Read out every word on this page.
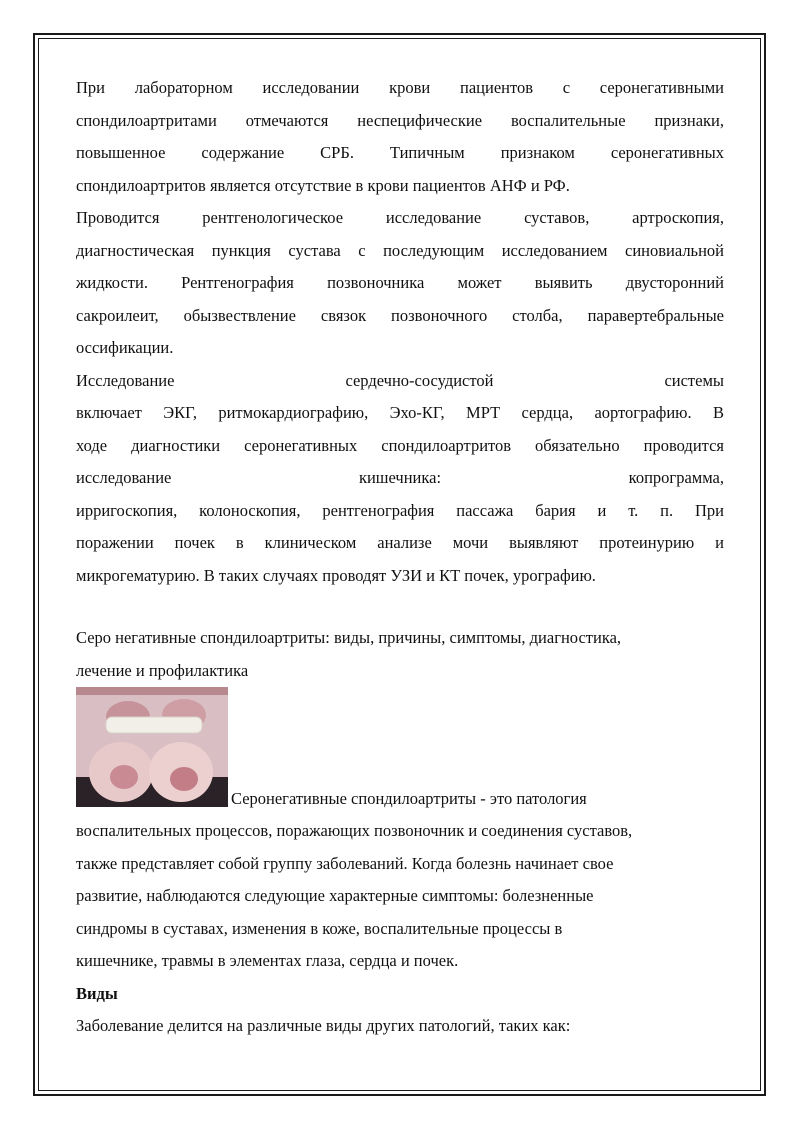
При лабораторном исследовании крови пациентов с серонегативными

спондилоартритами отмечаются неспецифические воспалительные признаки,

повышенное содержание СРБ. Типичным признаком серонегативных

спондилоартритов является отсутствие в крови пациентов АНФ и РФ.

Проводится рентгенологическое исследование суставов, артроскопия,

диагностическая пункция сустава с последующим исследованием синовиальной

жидкости. Рентгенография позвоночника может выявить двусторонний

сакроилеит, обызвествление связок позвоночного столба, паравертебральные

оссификации.

Исследование сердечно-сосудистой системы

включает ЭКГ, ритмокардиографию, Эхо-КГ, МРТ сердца, аортографию. В

ходе диагностики серонегативных спондилоартритов обязательно проводится

исследование кишечника: копрограмма,

ирригоскопия, колоноскопия, рентгенография пассажа бария и т. п. При

поражении почек в клиническом анализе мочи выявляют протеинурию и

микрогематурию. В таких случаях проводят УЗИ и КТ почек, урографию.

Серо негативные спондилоартриты: виды, причины, симптомы, диагностика,

лечение и профилактика

Серонегативные спондилоартриты - это патология

воспалительных процессов, поражающих позвоночник и соединения суставов,

также представляет собой группу заболеваний. Когда болезнь начинает свое

развитие, наблюдаются следующие характерные симптомы: болезненные

синдромы в суставах, изменения в коже, воспалительные процессы в

кишечнике, травмы в элементах глаза, сердца и почек.

Виды

Заболевание делится на различные виды других патологий, таких как:
